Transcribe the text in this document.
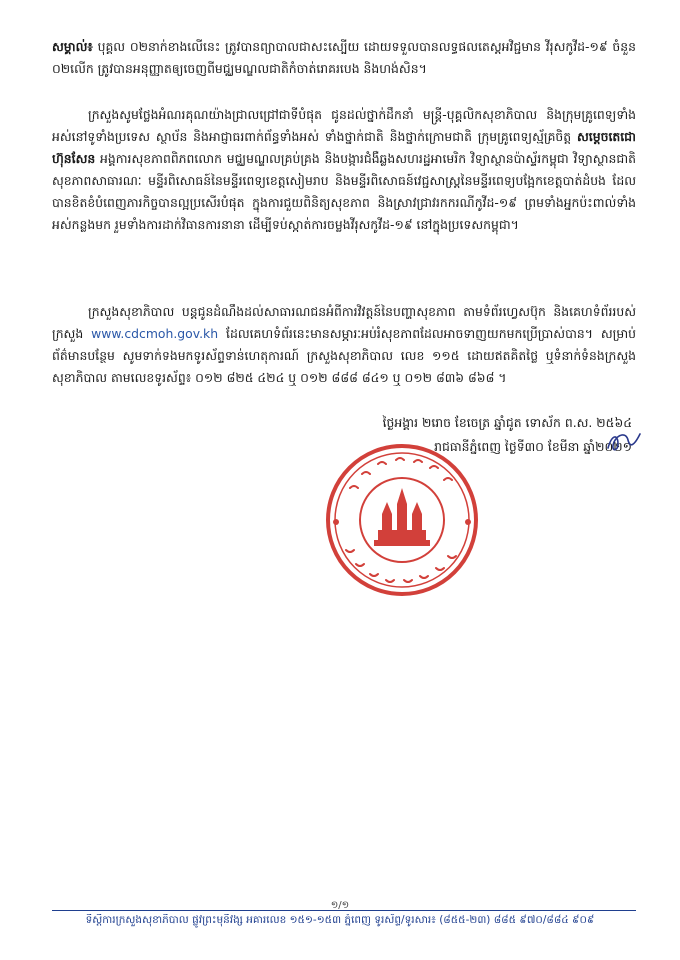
សម្គាល់៖ បុគ្គល ០២នាក់ខាងលើនេះ ត្រូវបានព្យាបាលជាសះស្បើយ ដោយទទួលបានលទ្ធផលតេស្តអវិជ្ជមាន វីរុសកូវីដ-១៩ ចំនួន ០២លើក ត្រូវបានអនុញ្ញាតឲ្យចេញពីមជ្ឈមណ្ឌលជាតិកំចាត់រោគរបេង និងហង់សិន។

ក្រសួងសូមថ្លែងអំណរគុណយ៉ាងជ្រាលជ្រៅជាទីបំផុត ជូនដល់ថ្នាក់ដឹកនាំ មន្ត្រី-បុគ្គលិកសុខាភិបាល និងក្រុមគ្រូពេទ្យទាំងអស់នៅទូទាំងប្រទេស ស្ថាប័ន និងអាជ្ញាធរពាក់ព័ន្ធទាំងអស់ ទាំងថ្នាក់ជាតិ និងថ្នាក់ក្រោមជាតិ ក្រុមគ្រូពេទ្យស្ម័គ្រចិត្ត សម្តេចតេជោ ហ៊ុនសែន អង្គការសុខភាពពិភពលោក មជ្ឈមណ្ឌលគ្រប់គ្រង និងបង្ការជំងឺឆ្លងសហរដ្ឋអាមេរិក វិទ្យាស្ថានប៉ាស្ទ័រកម្ពុជា វិទ្យាស្ថានជាតិសុខភាពសាធារណៈ មន្ទីរពិសោធន៍នៃមន្ទីរពេទ្យខេត្តសៀមរាប និងមន្ទីរពិសោធន៍វេជ្ជសាស្ត្រនៃមន្ទីរពេទ្យបង្អែកខេត្តបាត់ដំបង ដែលបានខិតខំបំពេញភារកិច្ចបានល្អប្រសើរបំផុត ក្នុងការជួយពិនិត្យសុខភាព និងស្រាវជ្រាវរកករណីកូវីដ-១៩ ព្រមទាំងអ្នកប៉ះពាល់ទាំងអស់កន្លងមក រួមទាំងការដាក់វិធានការនានា ដើម្បីទប់ស្កាត់ការចម្លងវីរុសកូវីដ-១៩ នៅក្នុងប្រទេសកម្ពុជា។

ក្រសួងសុខាភិបាល បន្តជូនដំណឹងដល់សាធារណជនអំពីការវិវត្តន៍នៃបញ្ហាសុខភាព តាមទំព័រហ្វេសប៊ុក និងគេហទំព័ររបស់ក្រសួង www.cdcmoh.gov.kh ដែលគេហទំព័រនេះមានសម្ភារៈអប់រំសុខភាពដែលអាចទាញយកមកប្រើប្រាស់បាន។ សម្រាប់ព័ត៌មានបន្ថែម សូមទាក់ទងមកទូរស័ព្ទទាន់ហេតុការណ៍ ក្រសួងសុខាភិបាល លេខ ១១៥ ដោយឥតគិតថ្លៃ ឬទំនាក់ទំនងក្រសួងសុខាភិបាល តាមលេខទូរស័ព្ទ៖ ០១២ ៨២៥ ៤២៤ ឬ ០១២ ៨៨៨ ៨៤១ ឬ ០១២ ៨៣៦ ៨៦៨ ។

ថ្ងៃអង្គារ ២រោច ខែចេត្រ ឆ្នាំជូត ទោស័ក ព.ស. ២៥៦៤
រាជធានីភ្នំពេញ ថ្ងៃទី៣០ ខែមីនា ឆ្នាំ២០២១
១/១
ទីស្តីការក្រសួងសុខាភិបាល ផ្លូវព្រះមុនីវង្ស អគារលេខ ១៥១-១៥៣ ភ្នំពេញ ទូរស័ព្ទ/ទូរសារ៖ (៨៥៥-២៣) ៨៨៥ ៩៧០/៨៨៤ ៩០៩
